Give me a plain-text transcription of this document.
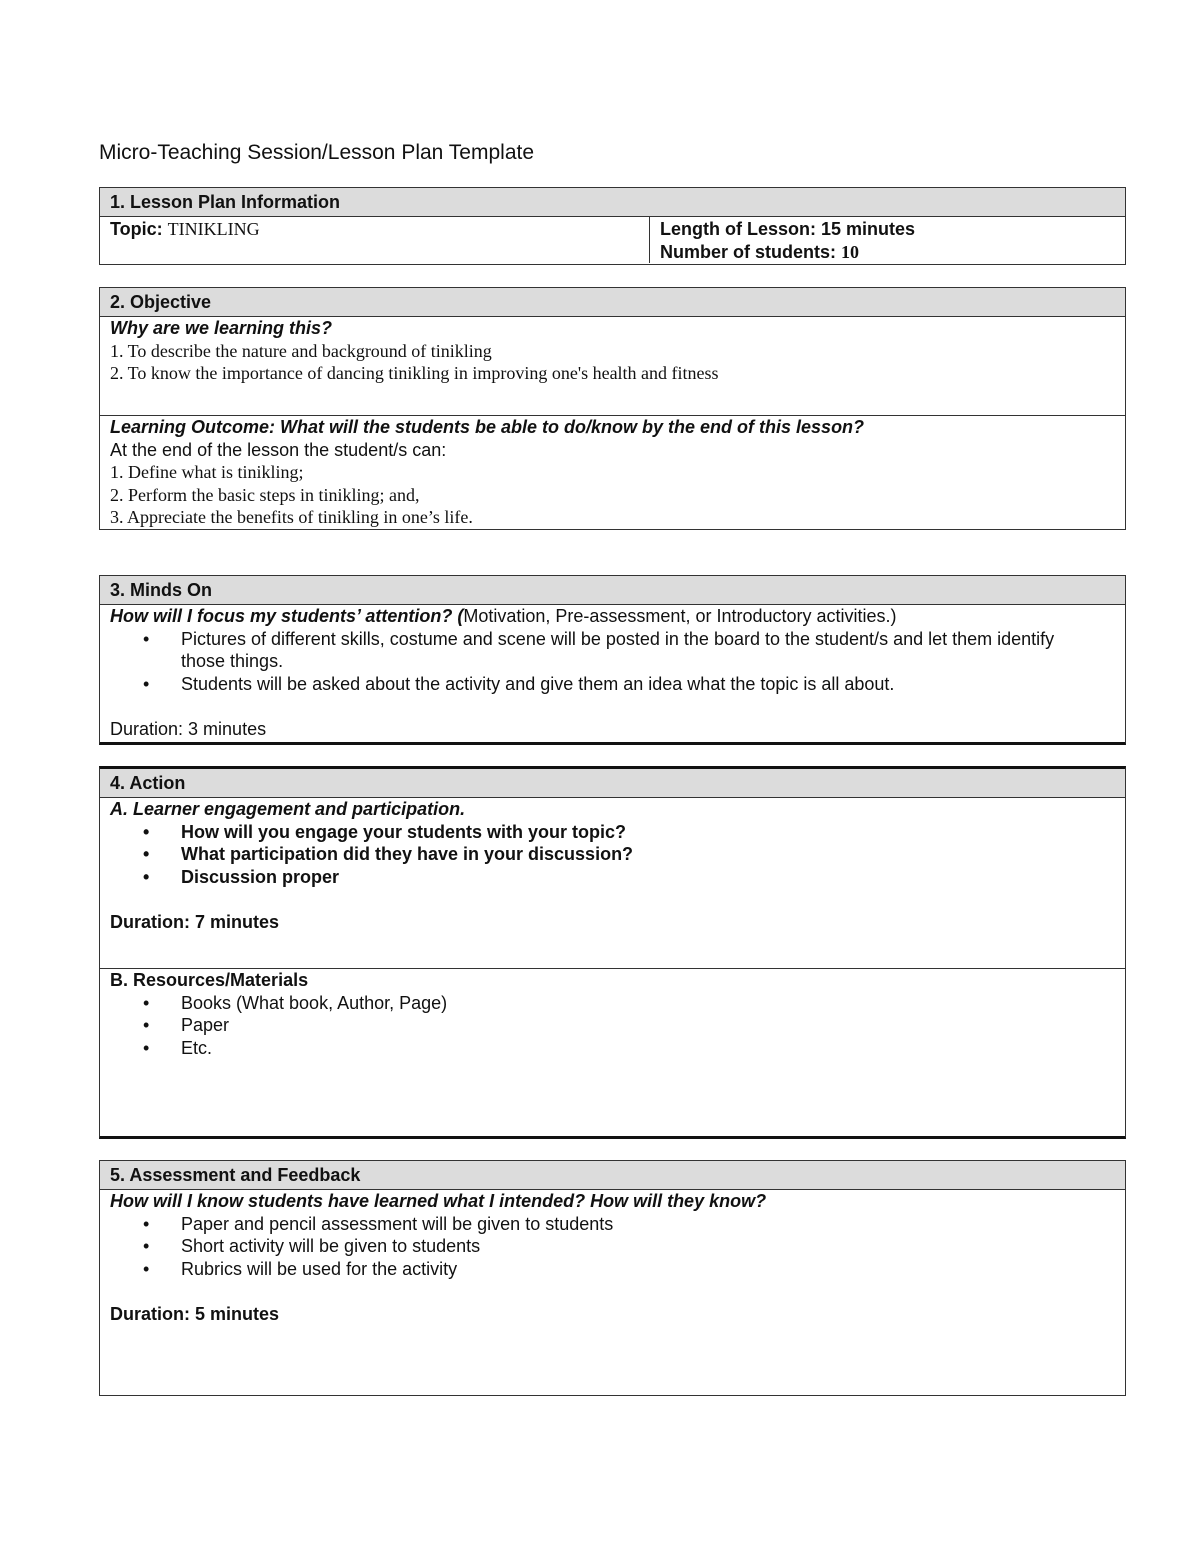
Micro-Teaching Session/Lesson Plan Template
1. Lesson Plan Information
Topic: TINIKLING	Length of Lesson: 15 minutes
Number of students: 10
2. Objective
Why are we learning this?
1. To describe the nature and background of tinikling
2. To know the importance of dancing tinikling in improving one's health and fitness
Learning Outcome: What will the students be able to do/know by the end of this lesson?
At the end of the lesson the student/s can:
1. Define what is tinikling;
2. Perform the basic steps in tinikling; and,
3. Appreciate the benefits of tinikling in one’s life.
3. Minds On
How will I focus my students’ attention? (Motivation, Pre-assessment, or Introductory activities.)
• Pictures of different skills, costume and scene will be posted in the board to the student/s and let them identify those things.
• Students will be asked about the activity and give them an idea what the topic is all about.
Duration: 3 minutes
4. Action
A. Learner engagement and participation.
• How will you engage your students with your topic?
• What participation did they have in your discussion?
• Discussion proper
Duration: 7 minutes
B. Resources/Materials
• Books (What book, Author, Page)
• Paper
• Etc.
5. Assessment and Feedback
How will I know students have learned what I intended? How will they know?
• Paper and pencil assessment will be given to students
• Short activity will be given to students
• Rubrics will be used for the activity
Duration: 5 minutes
